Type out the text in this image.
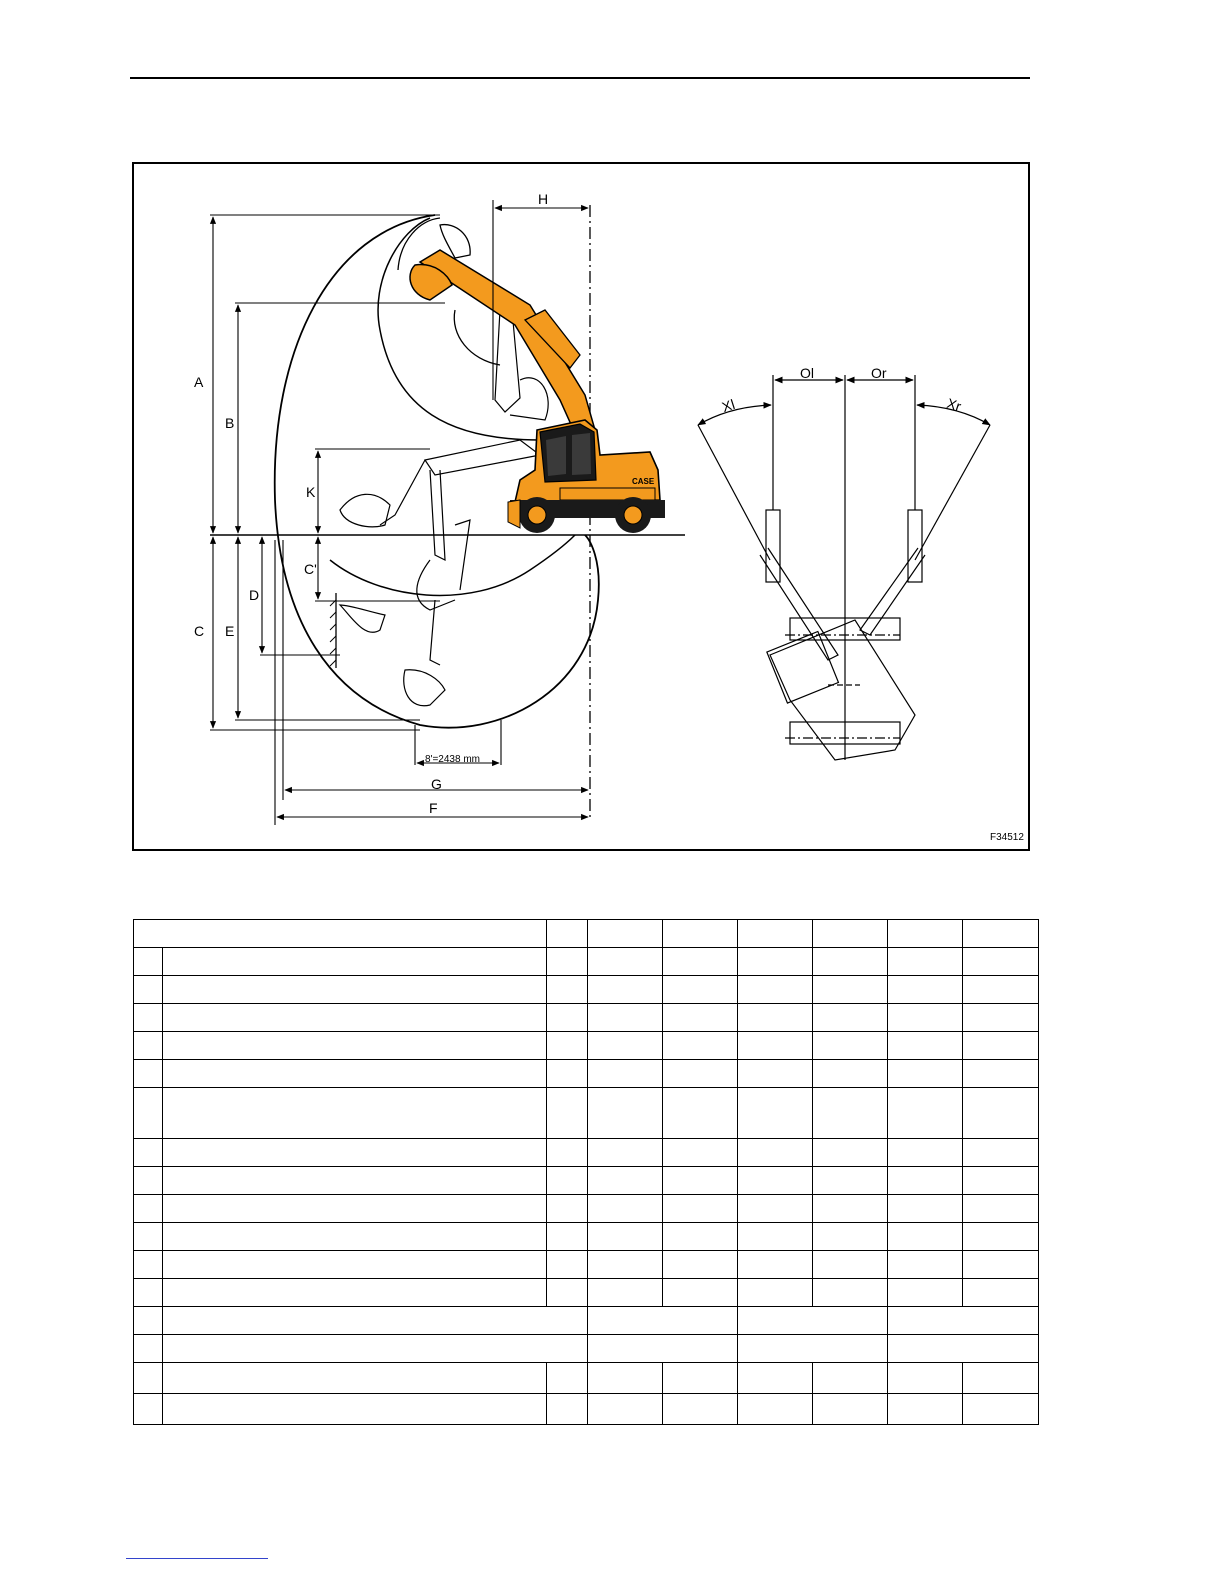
CASE
A
B
C
C'
D
E
F
G
H
K
8'=2438 mm
Ol	Or
Xl	Xr
F34512
